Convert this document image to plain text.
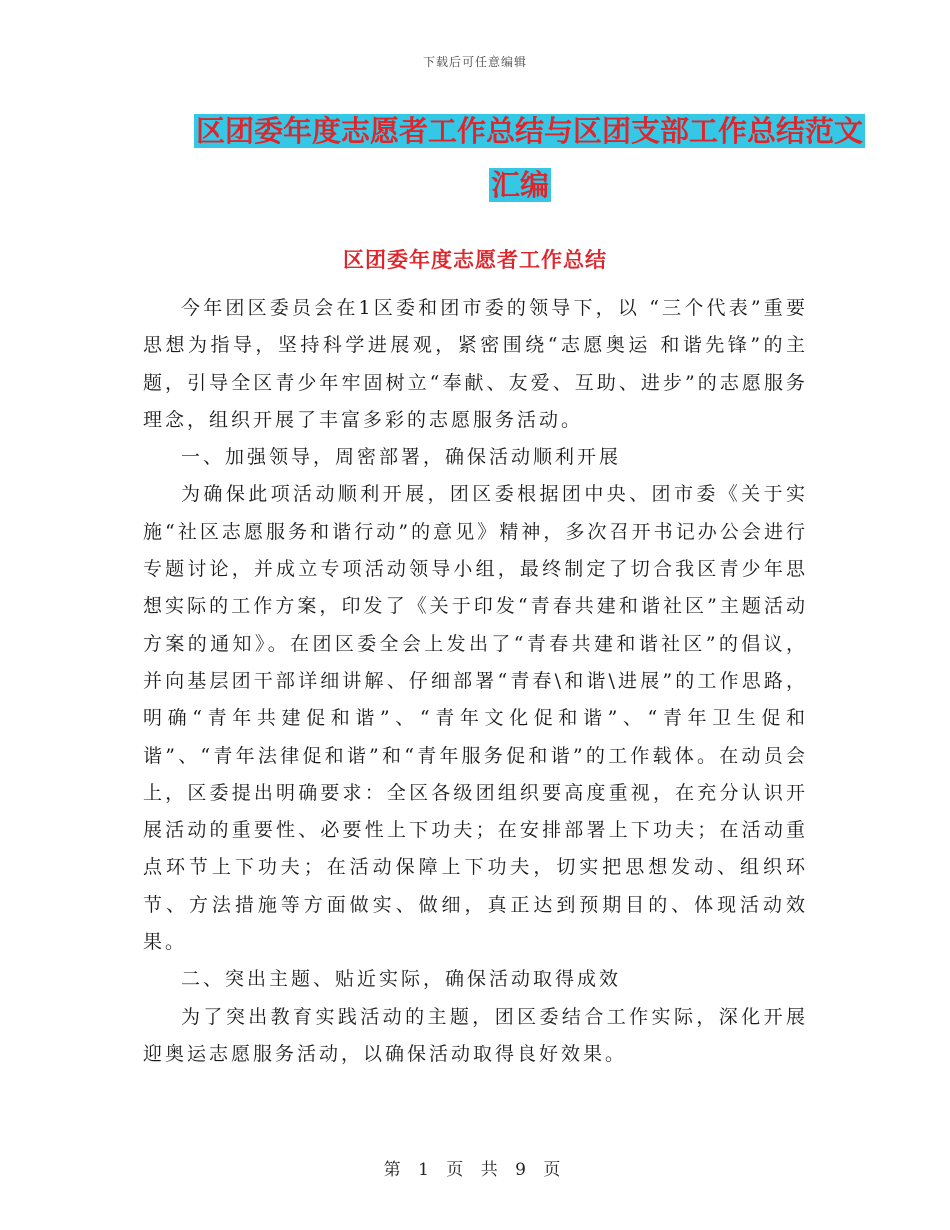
下载后可任意编辑
区团委年度志愿者工作总结与区团支部工作总结范文
汇编
区团委年度志愿者工作总结

今年团区委员会在1区委和团市委的领导下，以 “三个代表”重要思想为指导，坚持科学进展观，紧密围绕“志愿奥运 和谐先锋”的主题，引导全区青少年牢固树立“奉献、友爱、互助、进步”的志愿服务理念，组织开展了丰富多彩的志愿服务活动。

一、加强领导，周密部署，确保活动顺利开展

为确保此项活动顺利开展，团区委根据团中央、团市委《关于实施“社区志愿服务和谐行动”的意见》精神，多次召开书记办公会进行专题讨论，并成立专项活动领导小组，最终制定了切合我区青少年思想实际的工作方案，印发了《关于印发“青春共建和谐社区”主题活动方案的通知》。在团区委全会上发出了“青春共建和谐社区”的倡议，并向基层团干部详细讲解、仔细部署“青春\和谐\进展”的工作思路，明确“青年共建促和谐”、“青年文化促和谐”、“青年卫生促和谐”、“青年法律促和谐”和“青年服务促和谐”的工作载体。在动员会上，区委提出明确要求：全区各级团组织要高度重视，在充分认识开展活动的重要性、必要性上下功夫；在安排部署上下功夫；在活动重点环节上下功夫；在活动保障上下功夫，切实把思想发动、组织环节、方法措施等方面做实、做细，真正达到预期目的、体现活动效果。

二、突出主题、贴近实际，确保活动取得成效

为了突出教育实践活动的主题，团区委结合工作实际，深化开展迎奥运志愿服务活动，以确保活动取得良好效果。

第 1 页 共 9 页
